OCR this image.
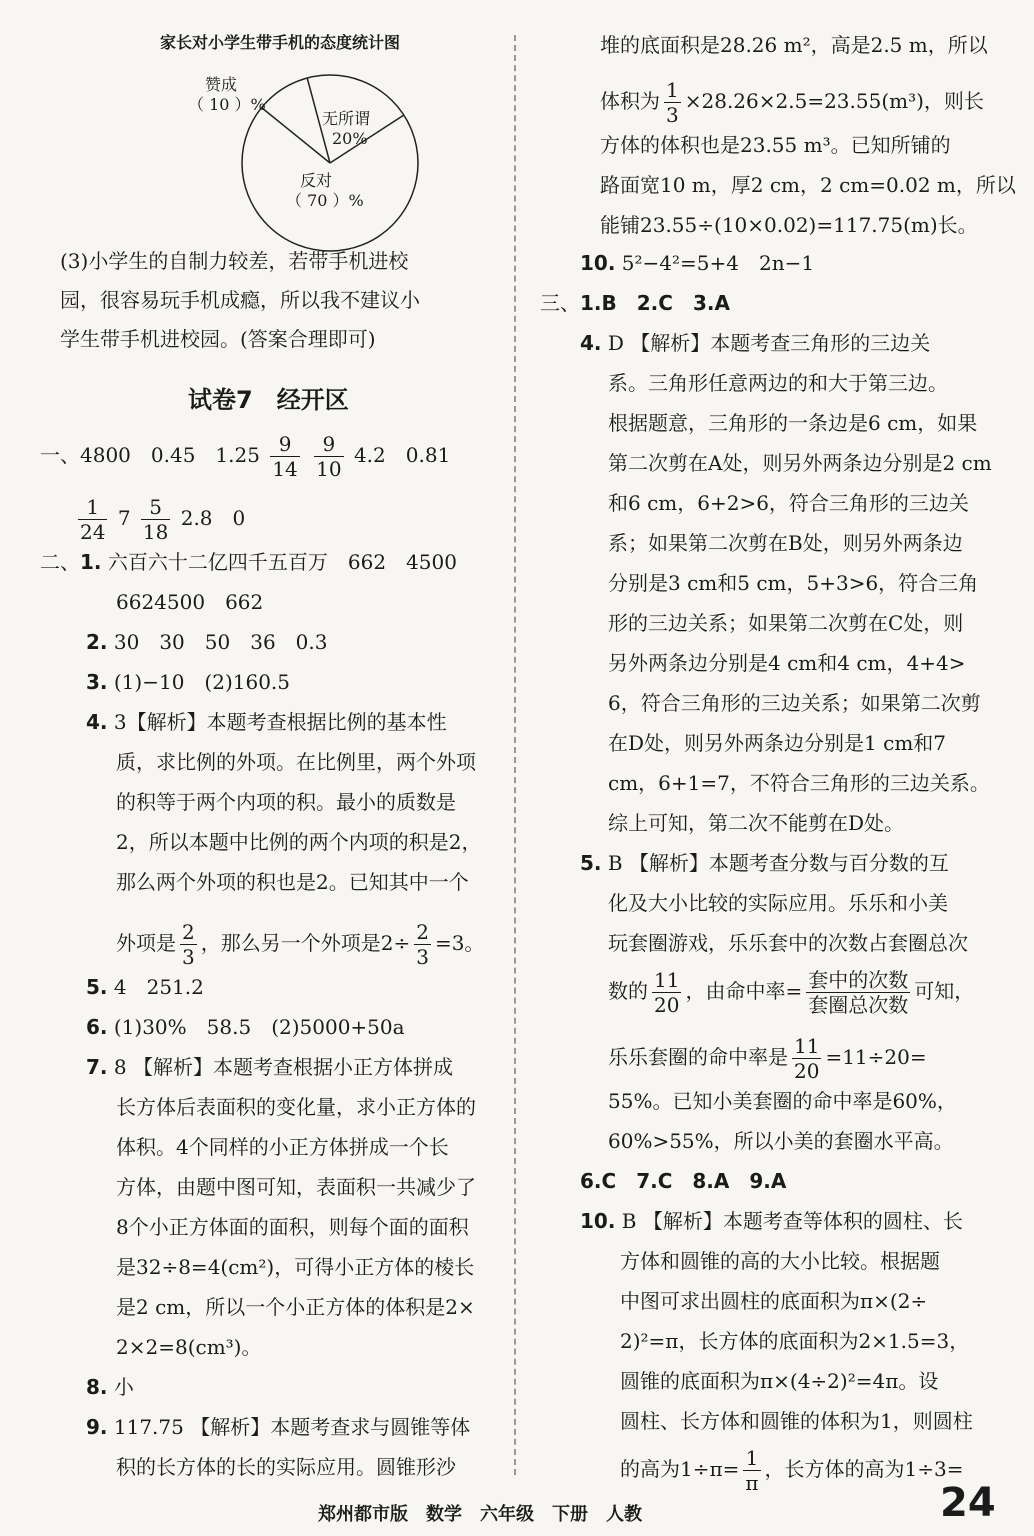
家长对小学生带手机的态度统计图
赞成
（ 10 ）%
无所谓
20%
反对
（ 70 ）%
(3)小学生的自制力较差，若带手机进校
园，很容易玩手机成瘾，所以我不建议小
学生带手机进校园。(答案合理即可)
试卷7　经开区
一、4800　0.45　$1.25 \frac{9}{14}$
$\frac{9}{10} 4.2$　0.81
$\frac{1}{24} 7 \frac{5}{18} 2.8$　0
二、1. 六百六十二亿四千五百万　662　4500
6624500　662
2. 30　30　50　36　0.3
3. (1)−10　(2)160.5
4. 3【解析】本题考查根据比例的基本性
质，求比例的外项。在比例里，两个外项
的积等于两个内项的积。最小的质数是
2，所以本题中比例的两个内项的积是2，
那么两个外项的积也是2。已知其中一个
外项是 $\frac{2}{3}$ ，那么另一个外项是$2\div \frac{2}{3} =3$。
5. 4　251.2
6. (1)30%　58.5　(2)5000+50a
7. 8 【解析】本题考查根据小正方体拼成
长方体后表面积的变化量，求小正方体的
体积。4个同样的小正方体拼成一个长
方体，由题中图可知，表面积一共减少了
8个小正方体面的面积，则每个面的面积
是32÷8=4(cm²)，可得小正方体的棱长
是2 cm，所以一个小正方体的体积是2×
2×2=8(cm³)。
8. 小
9. 117.75 【解析】本题考查求与圆锥等体
积的长方体的长的实际应用。圆锥形沙
堆的底面积是28.26 m²，高是2.5 m，所以
体积为 $\frac{1}{3} \times 28.26\times 2.5=23.55(m^3)$，则长
方体的体积也是23.55 m³。已知所铺的
路面宽10 m，厚2 cm，2 cm=0.02 m，所以
能铺23.55÷(10×0.02)=117.75(m)长。
10. 5²−4²=5+4　2n−1
三、1.B　2.C　3.A
4. D 【解析】本题考查三角形的三边关
系。三角形任意两边的和大于第三边。
根据题意，三角形的一条边是6 cm，如果
第二次剪在A处，则另外两条边分别是2 cm
和6 cm，6+2>6，符合三角形的三边关
系；如果第二次剪在B处，则另外两条边
分别是3 cm和5 cm，5+3>6，符合三角
形的三边关系；如果第二次剪在C处，则
另外两条边分别是4 cm和4 cm，4+4>
6，符合三角形的三边关系；如果第二次剪
在D处，则另外两条边分别是1 cm和7
cm，6+1=7，不符合三角形的三边关系。
综上可知，第二次不能剪在D处。
5. B 【解析】本题考查分数与百分数的互
化及大小比较的实际应用。乐乐和小美
玩套圈游戏，乐乐套中的次数占套圈总次
数的 $\frac{11}{20}$ ，由命中率= $\frac{\text{套中的次数}}{\text{套圈总次数}}$ 可知，
乐乐套圈的命中率是 $\frac{11}{20} =11\div 20=$
55%。已知小美套圈的命中率是60%，
60%>55%，所以小美的套圈水平高。
6.C　7.C　8.A　9.A
10. B 【解析】本题考查等体积的圆柱、长
方体和圆锥的高的大小比较。根据题
中图可求出圆柱的底面积为π×(2÷
2)²=π，长方体的底面积为2×1.5=3，
圆锥的底面积为π×(4÷2)²=4π。设
圆柱、长方体和圆锥的体积为1，则圆柱
的高为$1\div\pi= \frac{1}{\pi}$ ，长方体的高为1÷3=
郑州都市版　数学　六年级　下册　人教	24
